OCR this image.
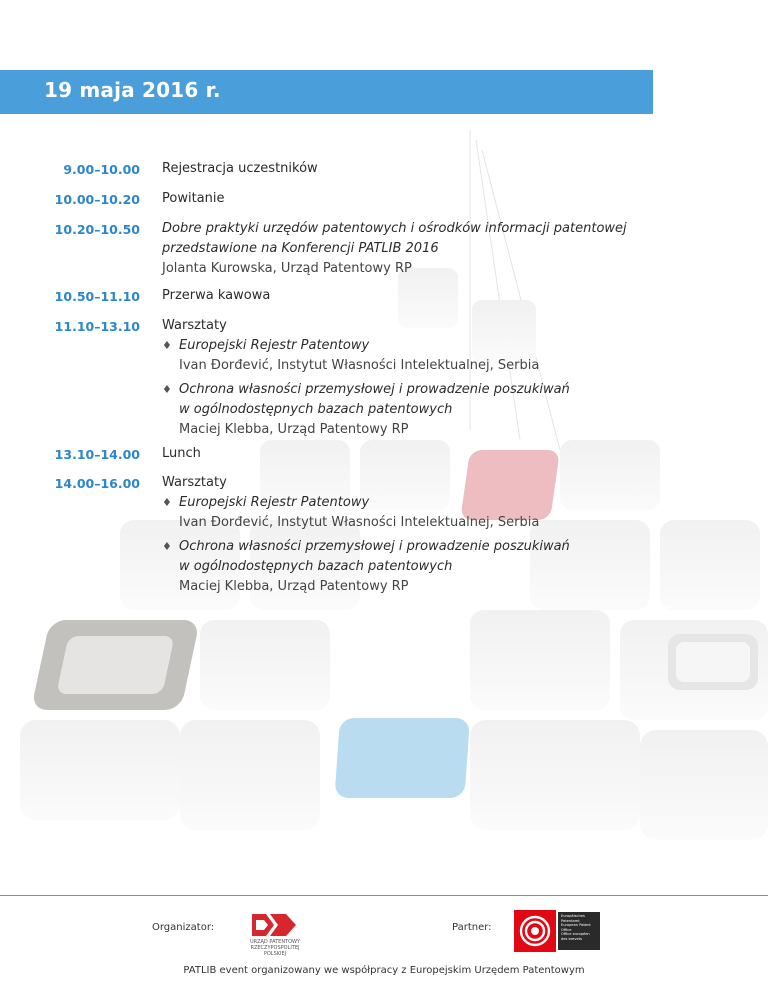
19 maja 2016 r.
9.00–10.00 Rejestracja uczestników
10.00–10.20 Powitanie
10.20–10.50 Dobre praktyki urzędów patentowych i ośrodków informacji patentowej
przedstawione na Konferencji PATLIB 2016
Jolanta Kurowska, Urząd Patentowy RP
10.50–11.10 Przerwa kawowa
11.10–13.10 Warsztaty
♦ Europejski Rejestr Patentowy
Ivan Đorđević, Instytut Własności Intelektualnej, Serbia
♦ Ochrona własności przemysłowej i prowadzenie poszukiwań
w ogólnodostępnych bazach patentowych
Maciej Klebba, Urząd Patentowy RP
13.10–14.00 Lunch
14.00–16.00 Warsztaty
♦ Europejski Rejestr Patentowy
Ivan Đorđević, Instytut Własności Intelektualnej, Serbia
♦ Ochrona własności przemysłowej i prowadzenie poszukiwań
w ogólnodostępnych bazach patentowych
Maciej Klebba, Urząd Patentowy RP
Organizator:
URZĄD PATENTOWY RZECZYPOSPOLITEJ POLSKIEJ
Partner:
Europäisches Patentamt
European Patent Office
Office européen des brevets
PATLIB event organizowany we współpracy z Europejskim Urzędem Patentowym
